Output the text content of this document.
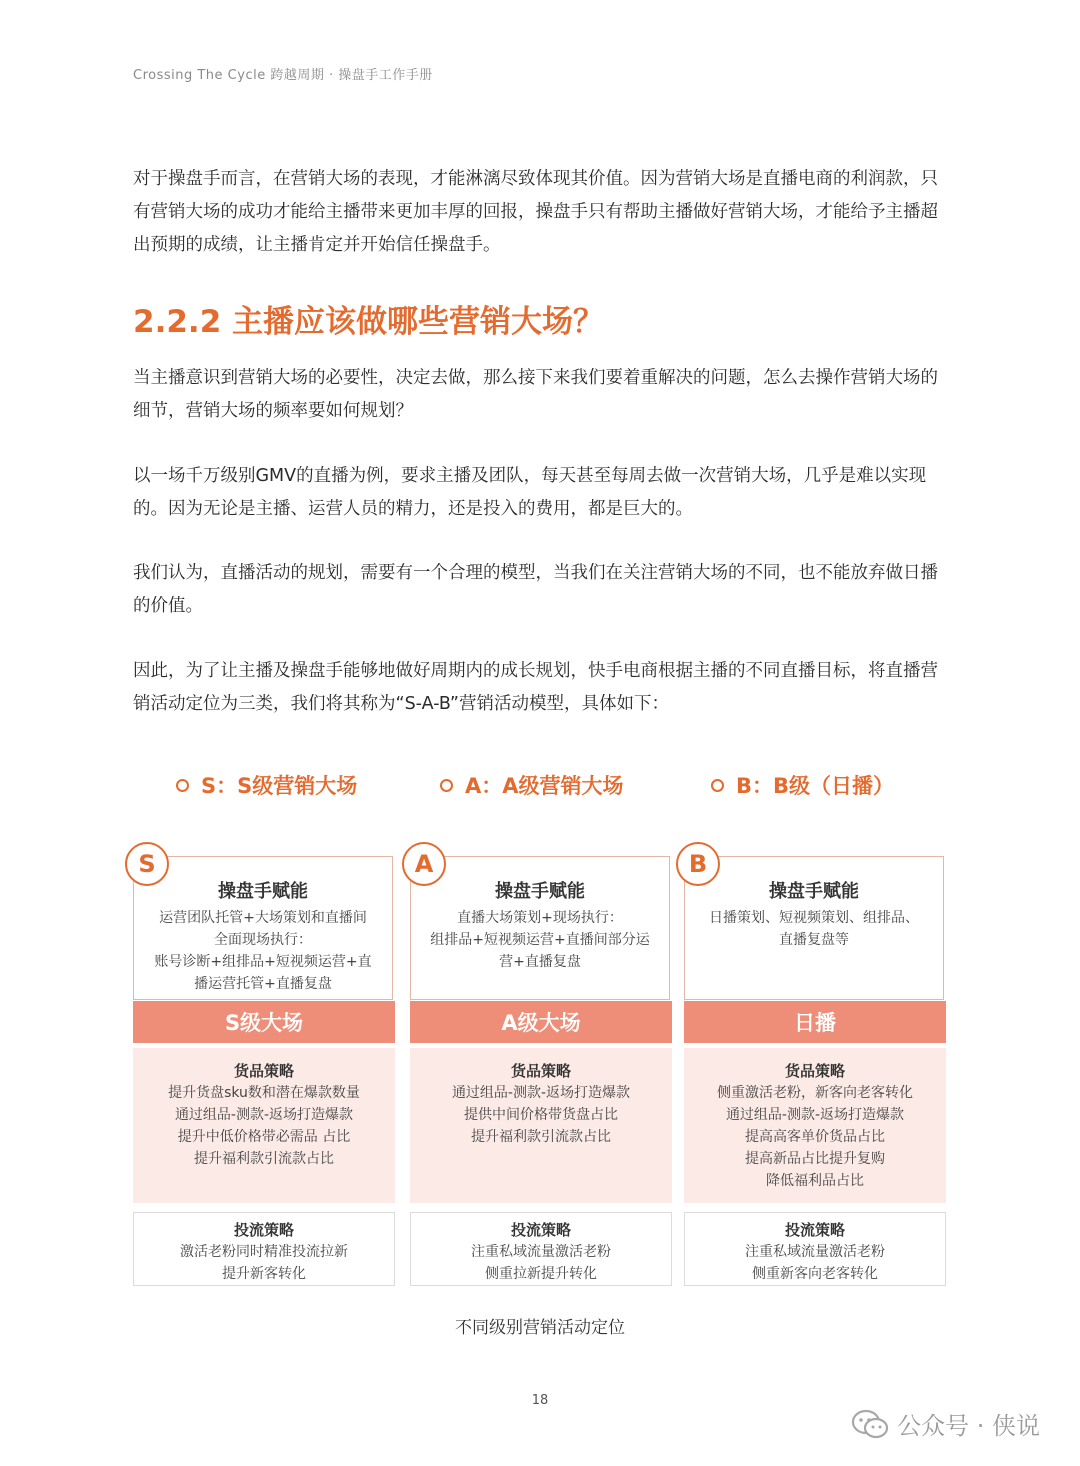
Crossing The Cycle 跨越周期 · 操盘手工作手册

对于操盘手而言，在营销大场的表现，才能淋漓尽致体现其价值。因为营销大场是直播电商的利润款，只有营销大场的成功才能给主播带来更加丰厚的回报，操盘手只有帮助主播做好营销大场，才能给予主播超出预期的成绩，让主播肯定并开始信任操盘手。

2.2.2 主播应该做哪些营销大场？

当主播意识到营销大场的必要性，决定去做，那么接下来我们要着重解决的问题，怎么去操作营销大场的细节，营销大场的频率要如何规划？

以一场千万级别GMV的直播为例，要求主播及团队，每天甚至每周去做一次营销大场，几乎是难以实现的。因为无论是主播、运营人员的精力，还是投入的费用，都是巨大的。

我们认为，直播活动的规划，需要有一个合理的模型，当我们在关注营销大场的不同，也不能放弃做日播的价值。

因此，为了让主播及操盘手能够地做好周期内的成长规划，快手电商根据主播的不同直播目标，将直播营销活动定位为三类，我们将其称为“S-A-B”营销活动模型，具体如下：

S：S级营销大场	A：A级营销大场	B：B级（日播）
操盘手赋能
运营团队托管+大场策划和直播间
全面现场执行：
账号诊断+组排品+短视频运营+直
播运营托管+直播复盘
S
S级大场
货品策略
提升货盘sku数和潜在爆款数量
通过组品-测款-返场打造爆款
提升中低价格带必需品 占比
提升福利款引流款占比
投流策略
激活老粉同时精准投流拉新
提升新客转化
操盘手赋能
直播大场策划+现场执行：
组排品+短视频运营+直播间部分运
营+直播复盘
A
A级大场
货品策略
通过组品-测款-返场打造爆款
提供中间价格带货盘占比
提升福利款引流款占比
投流策略
注重私域流量激活老粉
侧重拉新提升转化
操盘手赋能
日播策划、短视频策划、组排品、
直播复盘等
B
日播
货品策略
侧重激活老粉，新客向老客转化
通过组品-测款-返场打造爆款
提高高客单价货品占比
提高新品占比提升复购
降低福利品占比
投流策略
注重私域流量激活老粉
侧重新客向老客转化
不同级别营销活动定位
18
公众号 · 侠说
